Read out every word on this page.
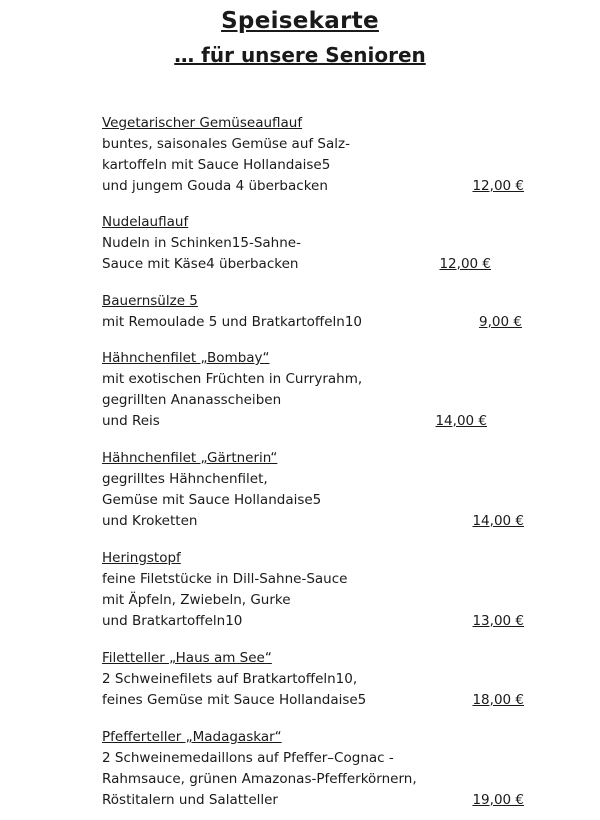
Speisekarte
… für unsere Senioren
Vegetarischer Gemüseauflauf
buntes, saisonales Gemüse auf Salz-
kartoffeln mit Sauce Hollandaise5
und jungem Gouda 4 überbacken	12,00 €
Nudelauflauf
Nudeln in Schinken15-Sahne-
Sauce mit Käse4 überbacken	12,00 €
Bauernsülze 5
mit Remoulade 5 und Bratkartoffeln10	9,00 €
Hähnchenfilet „Bombay“
mit exotischen Früchten in Curryrahm,
gegrillten Ananasscheiben
und Reis	14,00 €
Hähnchenfilet „Gärtnerin“
gegrilltes Hähnchenfilet,
Gemüse mit Sauce Hollandaise5
und Kroketten	14,00 €
Heringstopf
feine Filetstücke in Dill-Sahne-Sauce
mit Äpfeln, Zwiebeln, Gurke
und Bratkartoffeln10	13,00 €
Filetteller „Haus am See“
2 Schweinefilets auf Bratkartoffeln10,
feines Gemüse mit Sauce Hollandaise5	18,00 €
Pfefferteller „Madagaskar“
2 Schweinemedaillons auf Pfeffer–Cognac -
Rahmsauce, grünen Amazonas-Pfefferkörnern,
Röstitalern und Salatteller	19,00 €
